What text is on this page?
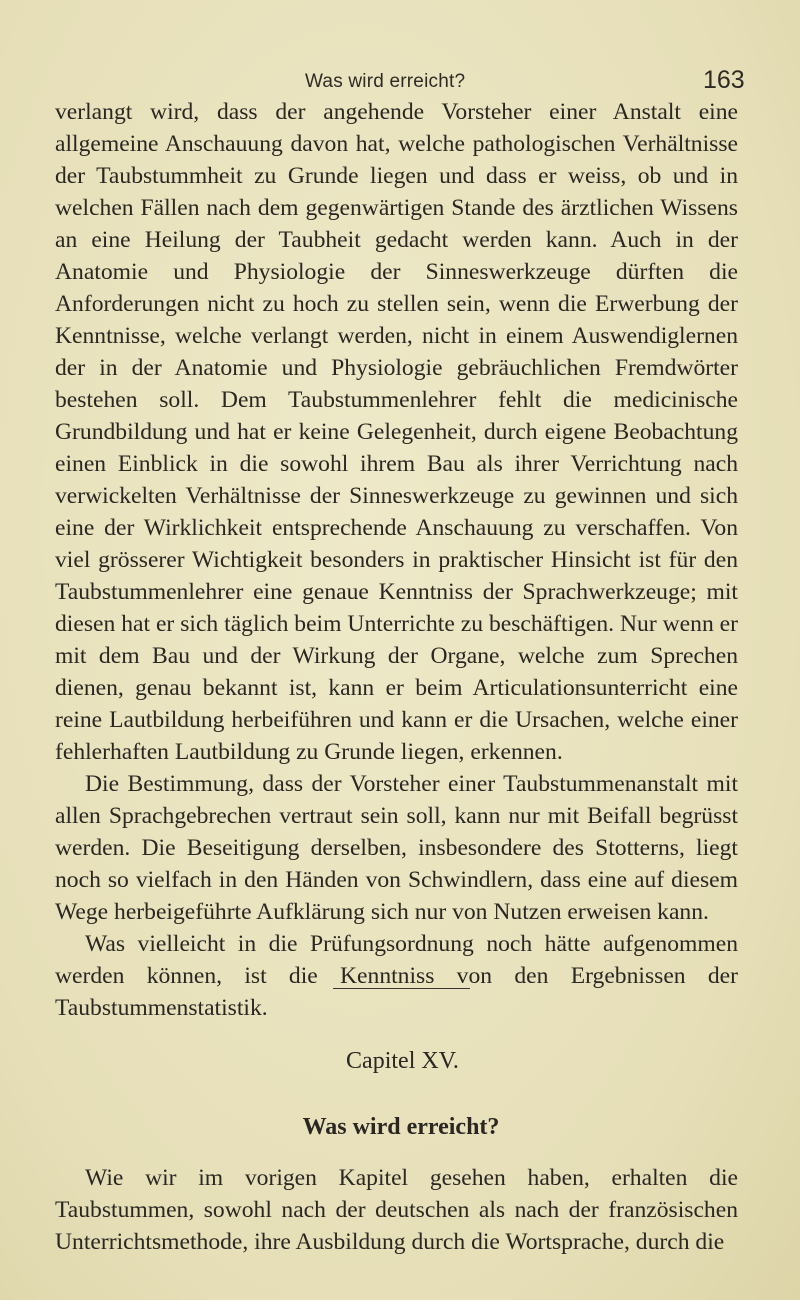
Was wird erreicht?	163

verlangt wird, dass der angehende Vorsteher einer Anstalt eine allgemeine Anschauung davon hat, welche pathologischen Verhältnisse der Taubstummheit zu Grunde liegen und dass er weiss, ob und in welchen Fällen nach dem gegenwärtigen Stande des ärztlichen Wissens an eine Heilung der Taubheit gedacht werden kann. Auch in der Anatomie und Physiologie der Sinneswerkzeuge dürften die Anforderungen nicht zu hoch zu stellen sein, wenn die Erwerbung der Kenntnisse, welche verlangt werden, nicht in einem Auswendiglernen der in der Anatomie und Physiologie gebräuchlichen Fremdwörter bestehen soll. Dem Taubstummenlehrer fehlt die medicinische Grundbildung und hat er keine Gelegenheit, durch eigene Beobachtung einen Einblick in die sowohl ihrem Bau als ihrer Verrichtung nach verwickelten Verhältnisse der Sinneswerkzeuge zu gewinnen und sich eine der Wirklichkeit entsprechende Anschauung zu verschaffen. Von viel grösserer Wichtigkeit besonders in praktischer Hinsicht ist für den Taubstummenlehrer eine genaue Kenntniss der Sprachwerkzeuge; mit diesen hat er sich täglich beim Unterrichte zu beschäftigen. Nur wenn er mit dem Bau und der Wirkung der Organe, welche zum Sprechen dienen, genau bekannt ist, kann er beim Articulationsunterricht eine reine Lautbildung herbeiführen und kann er die Ursachen, welche einer fehlerhaften Lautbildung zu Grunde liegen, erkennen.

Die Bestimmung, dass der Vorsteher einer Taubstummenanstalt mit allen Sprachgebrechen vertraut sein soll, kann nur mit Beifall begrüsst werden. Die Beseitigung derselben, insbesondere des Stotterns, liegt noch so vielfach in den Händen von Schwindlern, dass eine auf diesem Wege herbeigeführte Aufklärung sich nur von Nutzen erweisen kann.

Was vielleicht in die Prüfungsordnung noch hätte aufgenommen werden können, ist die Kenntniss von den Ergebnissen der Taubstummenstatistik.

Capitel XV.
Was wird erreicht?

Wie wir im vorigen Kapitel gesehen haben, erhalten die Taubstummen, sowohl nach der deutschen als nach der französischen Unterrichtsmethode, ihre Ausbildung durch die Wortsprache, durch die
